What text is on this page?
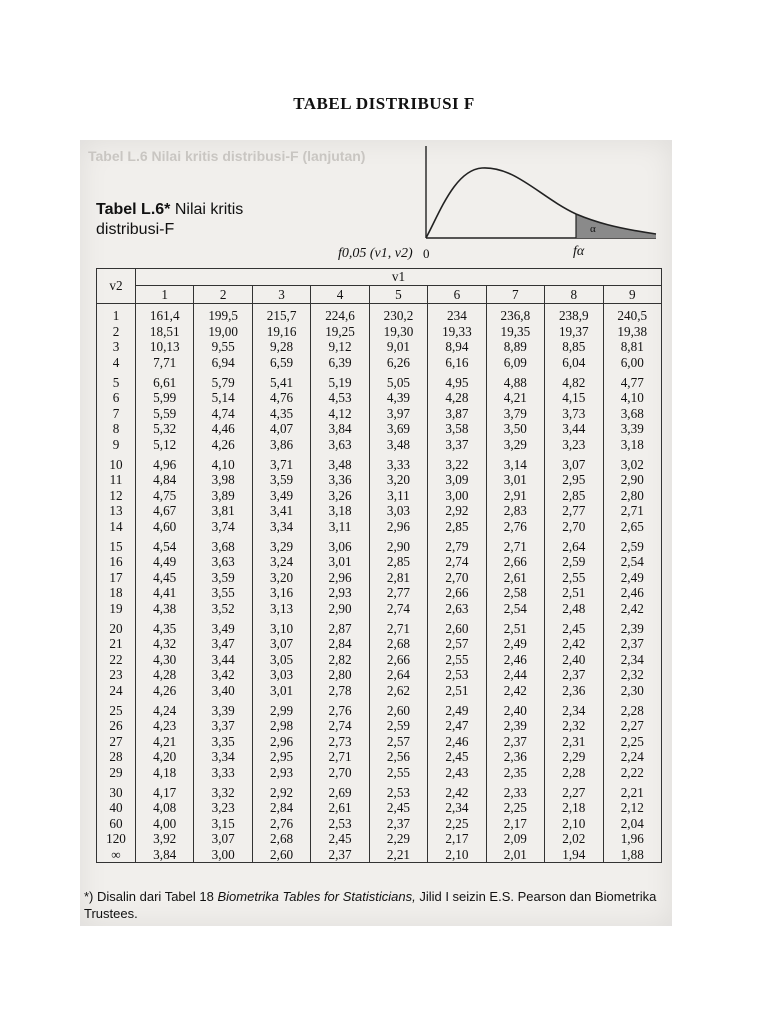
TABEL DISTRIBUSI F
Tabel L.6 Nilai kritis distribusi-F (lanjutan)
Tabel L.6* Nilai kritis
distribusi-F	α
f0,05 (v1, v2) 0	fα
v2	v1								
	1	2	3	4	5	6	7	8	9
1	161,4	199,5	215,7	224,6	230,2	234	236,8	238,9	240,5
2	18,51	19,00	19,16	19,25	19,30	19,33	19,35	19,37	19,38
3	10,13	9,55	9,28	9,12	9,01	8,94	8,89	8,85	8,81
4	7,71	6,94	6,59	6,39	6,26	6,16	6,09	6,04	6,00
5	6,61	5,79	5,41	5,19	5,05	4,95	4,88	4,82	4,77
6	5,99	5,14	4,76	4,53	4,39	4,28	4,21	4,15	4,10
7	5,59	4,74	4,35	4,12	3,97	3,87	3,79	3,73	3,68
8	5,32	4,46	4,07	3,84	3,69	3,58	3,50	3,44	3,39
9	5,12	4,26	3,86	3,63	3,48	3,37	3,29	3,23	3,18
10	4,96	4,10	3,71	3,48	3,33	3,22	3,14	3,07	3,02
11	4,84	3,98	3,59	3,36	3,20	3,09	3,01	2,95	2,90
12	4,75	3,89	3,49	3,26	3,11	3,00	2,91	2,85	2,80
13	4,67	3,81	3,41	3,18	3,03	2,92	2,83	2,77	2,71
14	4,60	3,74	3,34	3,11	2,96	2,85	2,76	2,70	2,65
15	4,54	3,68	3,29	3,06	2,90	2,79	2,71	2,64	2,59
16	4,49	3,63	3,24	3,01	2,85	2,74	2,66	2,59	2,54
17	4,45	3,59	3,20	2,96	2,81	2,70	2,61	2,55	2,49
18	4,41	3,55	3,16	2,93	2,77	2,66	2,58	2,51	2,46
19	4,38	3,52	3,13	2,90	2,74	2,63	2,54	2,48	2,42
20	4,35	3,49	3,10	2,87	2,71	2,60	2,51	2,45	2,39
21	4,32	3,47	3,07	2,84	2,68	2,57	2,49	2,42	2,37
22	4,30	3,44	3,05	2,82	2,66	2,55	2,46	2,40	2,34
23	4,28	3,42	3,03	2,80	2,64	2,53	2,44	2,37	2,32
24	4,26	3,40	3,01	2,78	2,62	2,51	2,42	2,36	2,30
25	4,24	3,39	2,99	2,76	2,60	2,49	2,40	2,34	2,28
26	4,23	3,37	2,98	2,74	2,59	2,47	2,39	2,32	2,27
27	4,21	3,35	2,96	2,73	2,57	2,46	2,37	2,31	2,25
28	4,20	3,34	2,95	2,71	2,56	2,45	2,36	2,29	2,24
29	4,18	3,33	2,93	2,70	2,55	2,43	2,35	2,28	2,22
30	4,17	3,32	2,92	2,69	2,53	2,42	2,33	2,27	2,21
40	4,08	3,23	2,84	2,61	2,45	2,34	2,25	2,18	2,12
60	4,00	3,15	2,76	2,53	2,37	2,25	2,17	2,10	2,04
120	3,92	3,07	2,68	2,45	2,29	2,17	2,09	2,02	1,96
∞	3,84	3,00	2,60	2,37	2,21	2,10	2,01	1,94	1,88
*) Disalin dari Tabel 18 Biometrika Tables for Statisticians, Jilid I seizin E.S. Pearson dan Biometrika Trustees.
